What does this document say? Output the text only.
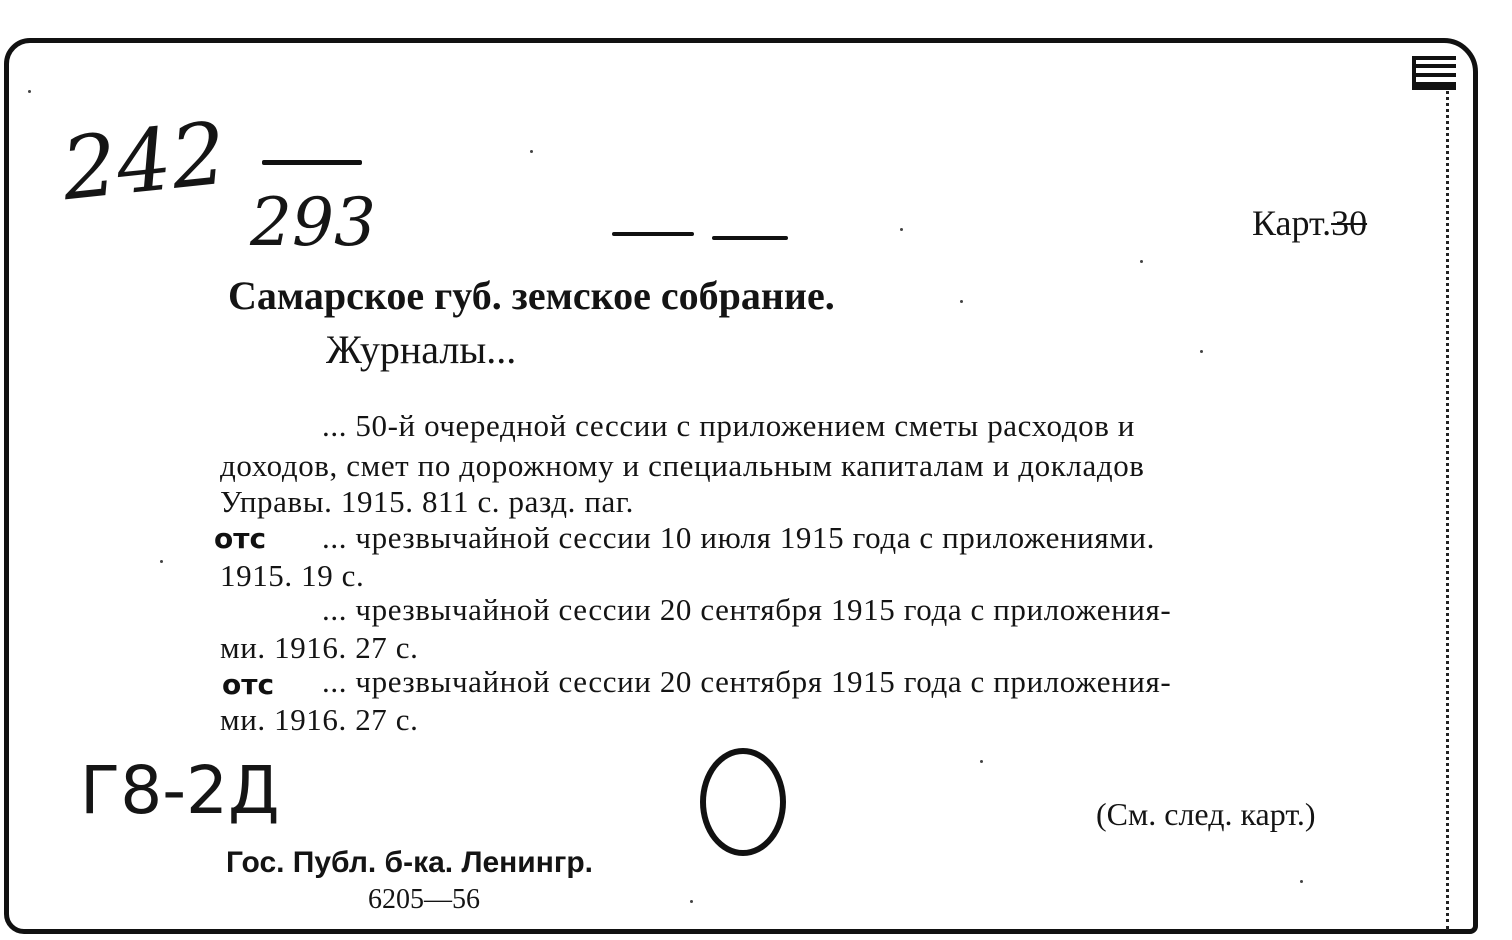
242
293	Карт.30
Самарское губ. земское собрание.
Журналы...
... 50-й очередной сессии с приложением сметы расходов и
доходов, смет по дорожному и специальным капиталам и докладов
Управы. 1915. 811 с. разд. паг.
отс ... чрезвычайной сессии 10 июля 1915 года с приложениями.
1915. 19 с.
... чрезвычайной сессии 20 сентября 1915 года с приложения-
ми. 1916. 27 с.
отс ... чрезвычайной сессии 20 сентября 1915 года с приложения-
ми. 1916. 27 с.
Г8-2Д	(См. след. карт.)
Гос. Публ. б-ка. Ленингр.
6205—56
